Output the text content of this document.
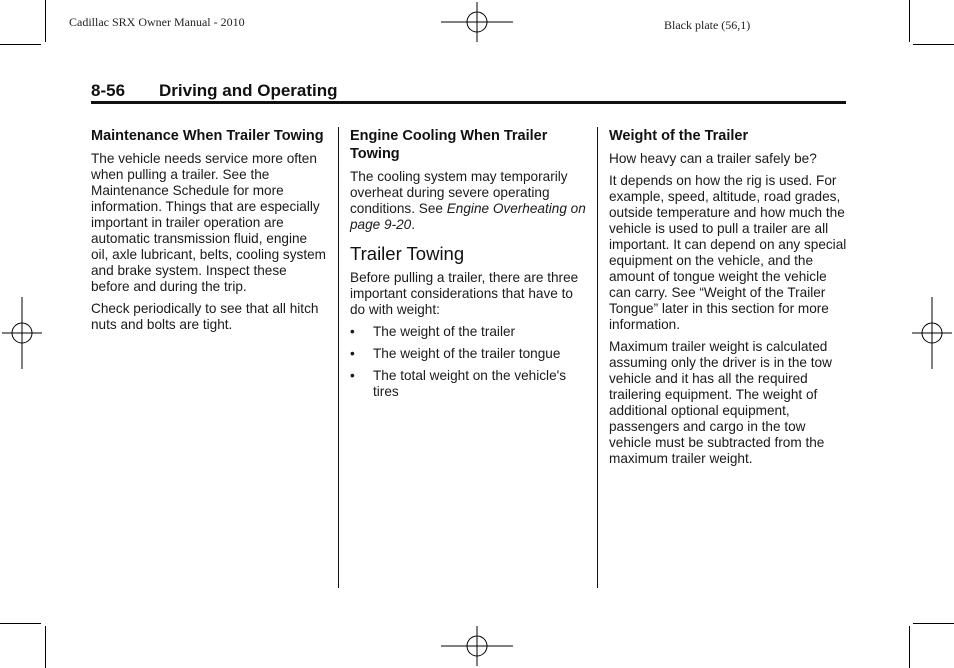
Cadillac SRX Owner Manual - 2010	Black plate (56,1)
8-56 Driving and Operating
Maintenance When Trailer Towing

The vehicle needs service more often when pulling a trailer. See the Maintenance Schedule for more information. Things that are especially important in trailer operation are automatic transmission fluid, engine oil, axle lubricant, belts, cooling system and brake system. Inspect these before and during the trip.

Check periodically to see that all hitch nuts and bolts are tight.

Engine Cooling When Trailer Towing

The cooling system may temporarily overheat during severe operating conditions. See Engine Overheating on page 9-20.

Trailer Towing

Before pulling a trailer, there are three important considerations that have to do with weight:

• The weight of the trailer
• The weight of the trailer tongue
• The total weight on the vehicle's tires
Weight of the Trailer

How heavy can a trailer safely be?

It depends on how the rig is used. For example, speed, altitude, road grades, outside temperature and how much the vehicle is used to pull a trailer are all important. It can depend on any special equipment on the vehicle, and the amount of tongue weight the vehicle can carry. See “Weight of the Trailer Tongue” later in this section for more information.

Maximum trailer weight is calculated assuming only the driver is in the tow vehicle and it has all the required trailering equipment. The weight of additional optional equipment, passengers and cargo in the tow vehicle must be subtracted from the maximum trailer weight.
